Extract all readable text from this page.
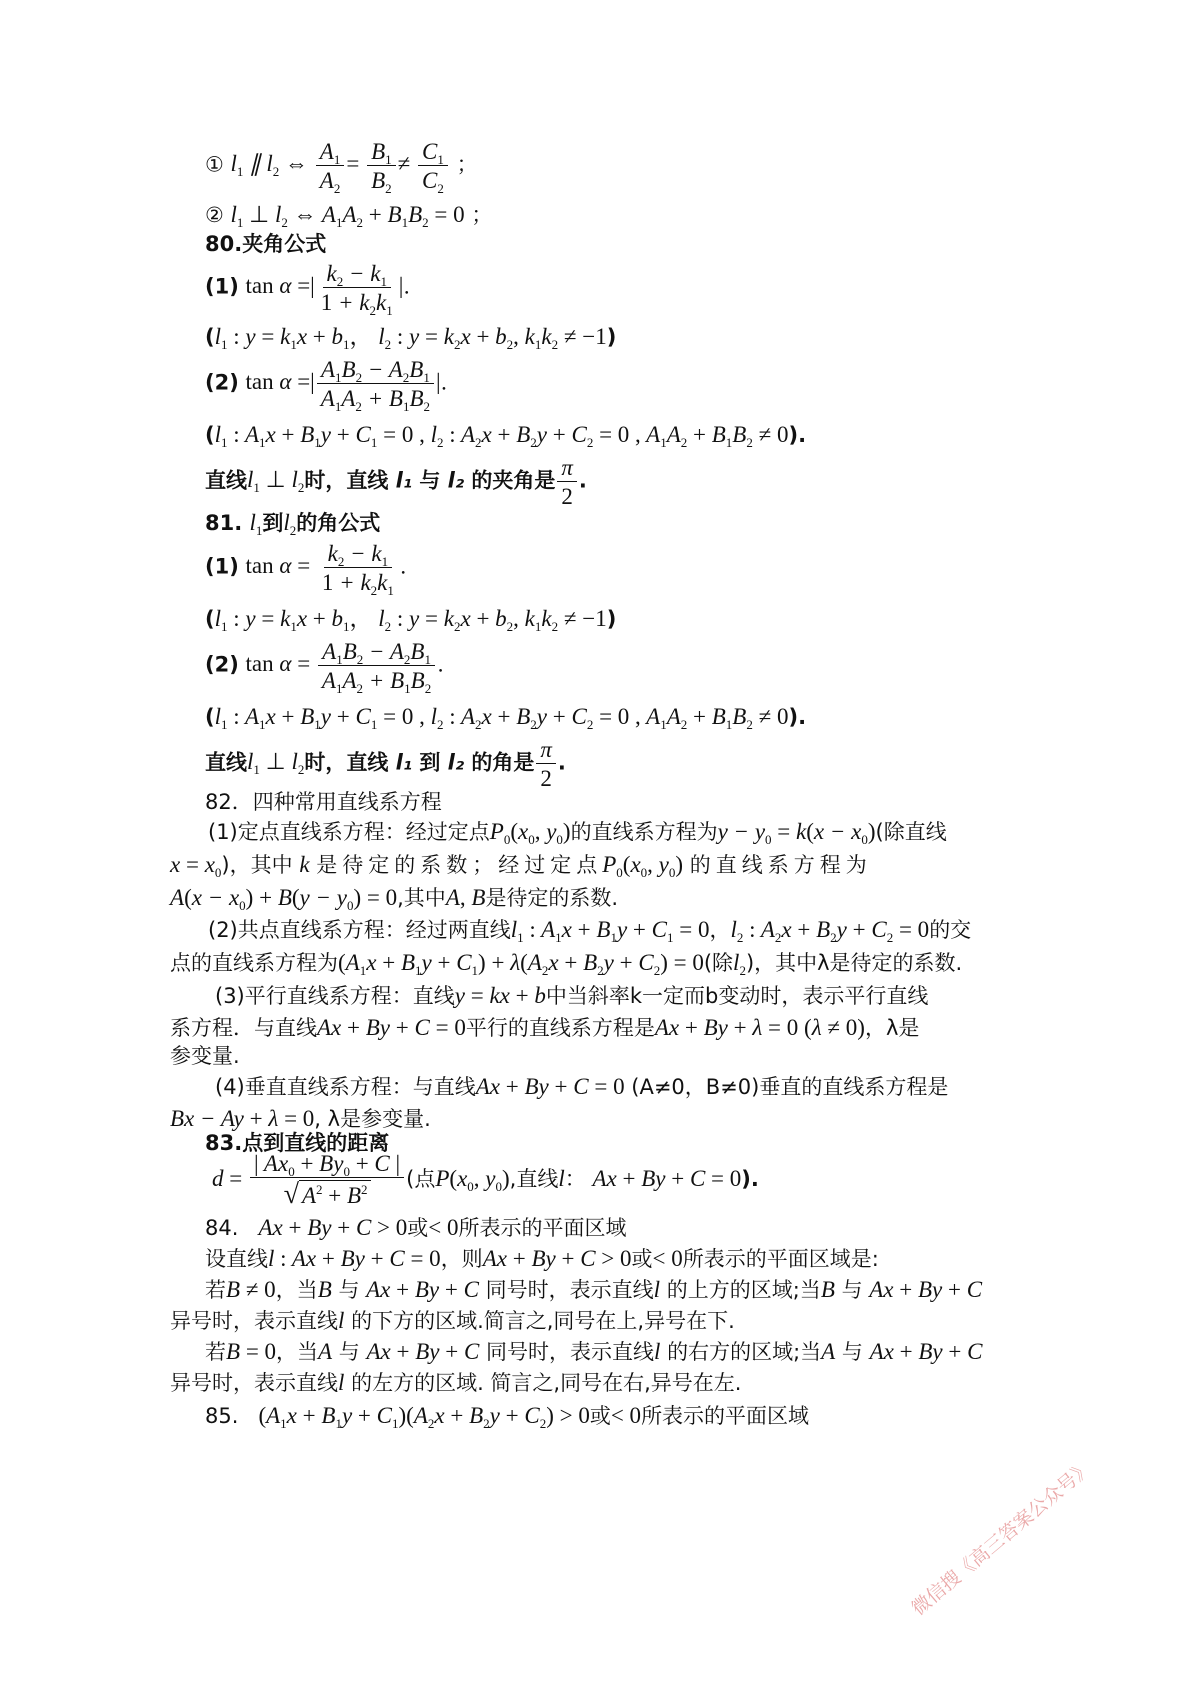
① $l_1$ ∥ $l_2$ ⇔ $\frac{A_1}{A_2} = \frac{B_1}{B_2} \ne \frac{C_1}{C_2}$ ；
② $l_1$ ⊥ $l_2$ ⇔ $A_1A_2 + B_1B_2 = 0$ ；
80.夹角公式
(1) tan α =| $\frac{k_2 - k_1}{1 + k_2k_1}$ |.
($l_1$ : $y = k_1x + b_1$， $l_2$ : $y = k_2x + b_2$, $k_1k_2 \ne -1$)
(2) tan α =| $\frac{A_1B_2 - A_2B_1}{A_1A_2 + B_1B_2}$ |.
($l_1$ : $A_1x + B_1y + C_1 = 0$ , $l_2$ : $A_2x + B_2y + C_2 = 0$ , $A_1A_2 + B_1B_2 \ne 0$).
直线$l_1$ ⊥ $l_2$时，直线 l₁ 与 l₂ 的夹角是 $\frac{\pi}{2}$ .
81. $l_1$到$l_2$的角公式
(1) $\tan \alpha = \frac{k_2 - k_1}{1 + k_2k_1}$ .
($l_1$ : $y = k_1x + b_1$， $l_2$ : $y = k_2x + b_2$, $k_1k_2 \ne -1$)
(2) $\tan \alpha = \frac{A_1B_2 - A_2B_1}{A_1A_2 + B_1B_2}$ .
($l_1$ : $A_1x + B_1y + C_1 = 0$ , $l_2$ : $A_2x + B_2y + C_2 = 0$ , $A_1A_2 + B_1B_2 \ne 0$).
直线$l_1$ ⊥ $l_2$时，直线 l₁ 到 l₂ 的角是 $\frac{\pi}{2}$ .
82．四种常用直线系方程
(1)定点直线系方程：经过定点$P_0(x_0$, $y_0$)的直线系方程为$y - y_0 = k(x - x_0)$(除直线
$x = x_0$)，其中 k 是待定的系数；经过定点$P_0(x_0$, $y_0$) 的直线系方程为
$A(x - x_0) + B(y - y_0) = 0$,其中A, B是待定的系数.
(2)共点直线系方程：经过两直线$l_1$ : $A_1x + B_1y + C_1 = 0$，$l_2$ : $A_2x + B_2y + C_2 = 0$的交
点的直线系方程为$(A_1x + B_1y + C_1) + \lambda(A_2x + B_2y + C_2) = 0$(除$l_2$)，其中λ是待定的系数.
(3)平行直线系方程：直线y = kx + b中当斜率k一定而b变动时，表示平行直线
系方程．与直线Ax + By + C = 0平行的直线系方程是Ax + By + λ = 0 (λ ≠ 0)，λ是
参变量.
(4)垂直直线系方程：与直线Ax + By + C = 0 (A≠0，B≠0)垂直的直线系方程是
Bx − Ay + λ = 0, λ是参变量.
83.点到直线的距离
$d = \frac{| Ax_0 + By_0 + C |}{√ A^2 + B^2}$ (点$P(x_0$, $y_0$),直线l： Ax + By + C = 0).
84. Ax + By + C > 0或< 0所表示的平面区域
设直线l : Ax + By + C = 0，则Ax + By + C > 0或< 0所表示的平面区域是:
若B ≠ 0，当B 与 Ax + By + C 同号时，表示直线l 的上方的区域;当B 与 Ax + By + C
异号时，表示直线l 的下方的区域.简言之,同号在上,异号在下.
若B = 0，当A 与 Ax + By + C 同号时，表示直线l 的右方的区域;当A 与 Ax + By + C
异号时，表示直线l 的左方的区域. 简言之,同号在右,异号在左.
85. $(A_1x + B_1y + C_1)(A_2x + B_2y + C_2) > 0$或< 0所表示的平面区域
微信搜《高三答案公众号》
